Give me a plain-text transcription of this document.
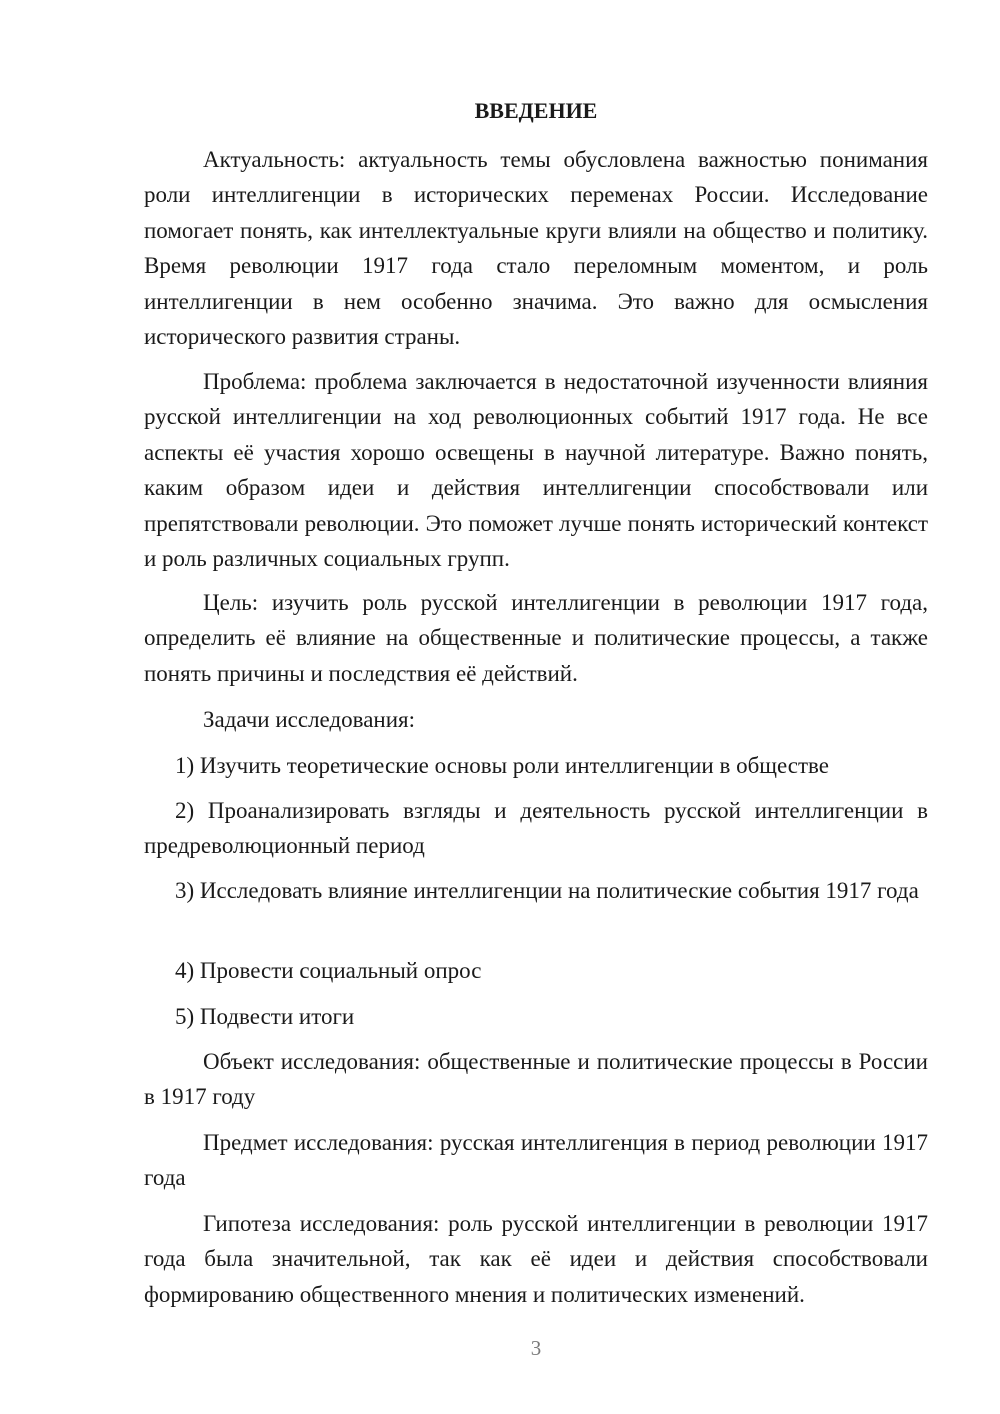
ВВЕДЕНИЕ

Актуальность: актуальность темы обусловлена важностью понимания роли интеллигенции в исторических переменах России. Исследование помогает понять, как интеллектуальные круги влияли на общество и политику. Время революции 1917 года стало переломным моментом, и роль интеллигенции в нем особенно значима. Это важно для осмысления исторического развития страны.

Проблема: проблема заключается в недостаточной изученности влияния русской интеллигенции на ход революционных событий 1917 года. Не все аспекты её участия хорошо освещены в научной литературе. Важно понять, каким образом идеи и действия интеллигенции способствовали или препятствовали революции. Это поможет лучше понять исторический контекст и роль различных социальных групп.

Цель: изучить роль русской интеллигенции в революции 1917 года, определить её влияние на общественные и политические процессы, а также понять причины и последствия её действий.

Задачи исследования:

1) Изучить теоретические основы роли интеллигенции в обществе

2) Проанализировать взгляды и деятельность русской интеллигенции в предреволюционный период

3) Исследовать влияние интеллигенции на политические события 1917 года

4) Провести социальный опрос

5) Подвести итоги

Объект исследования: общественные и политические процессы в России в 1917 году

Предмет исследования: русская интеллигенция в период революции 1917 года

Гипотеза исследования: роль русской интеллигенции в революции 1917 года была значительной, так как её идеи и действия способствовали формированию общественного мнения и политических изменений.

3
